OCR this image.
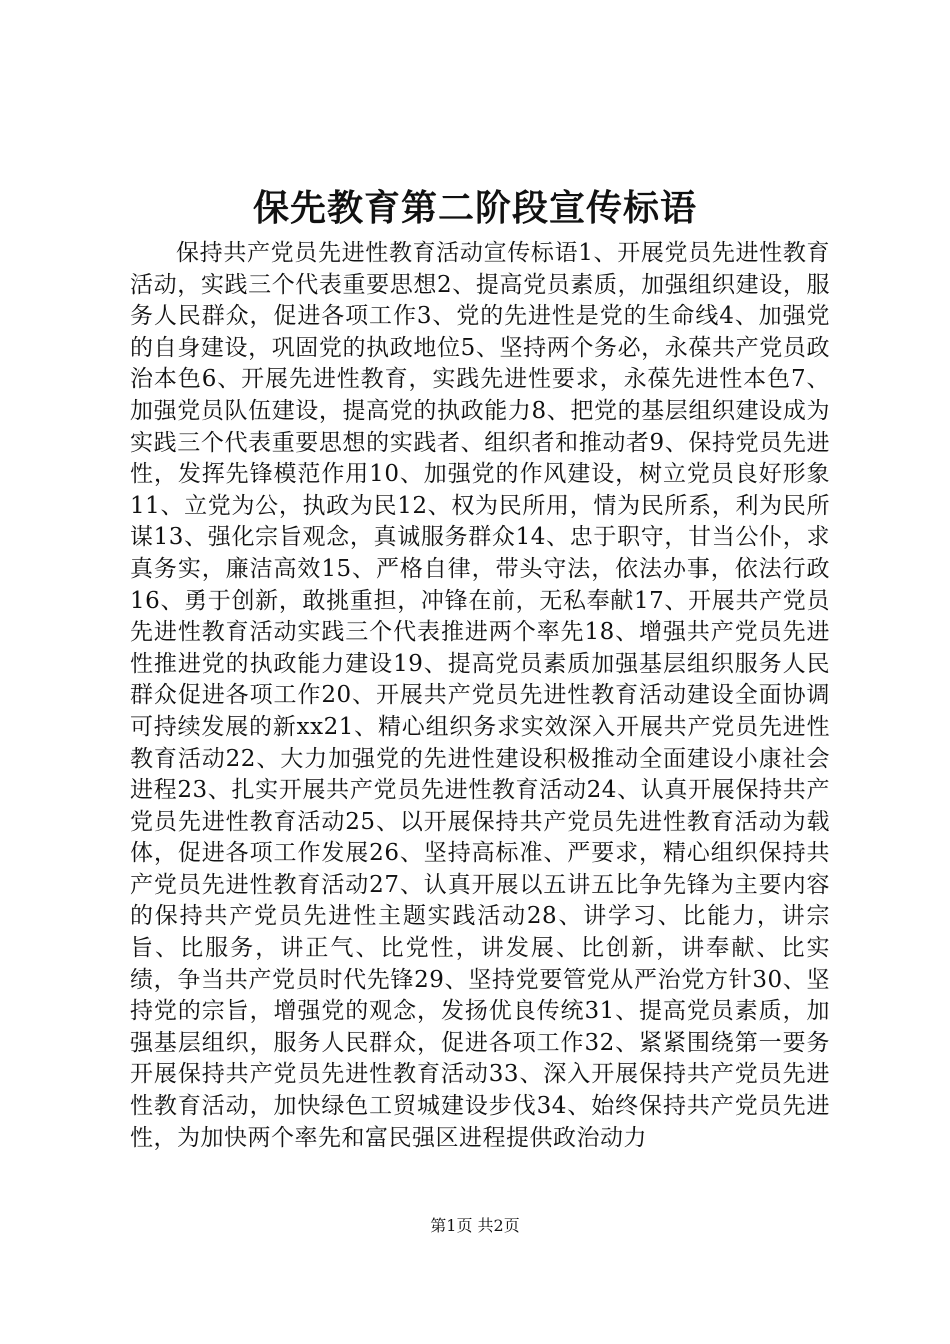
保先教育第二阶段宣传标语

保持共产党员先进性教育活动宣传标语1、开展党员先进性教育活动，实践三个代表重要思想2、提高党员素质，加强组织建设，服务人民群众，促进各项工作3、党的先进性是党的生命线4、加强党的自身建设，巩固党的执政地位5、坚持两个务必，永葆共产党员政治本色6、开展先进性教育，实践先进性要求，永葆先进性本色7、加强党员队伍建设，提高党的执政能力8、把党的基层组织建设成为实践三个代表重要思想的实践者、组织者和推动者9、保持党员先进性，发挥先锋模范作用10、加强党的作风建设，树立党员良好形象11、立党为公，执政为民12、权为民所用，情为民所系，利为民所谋13、强化宗旨观念，真诚服务群众14、忠于职守，甘当公仆，求真务实，廉洁高效15、严格自律，带头守法，依法办事，依法行政16、勇于创新，敢挑重担，冲锋在前，无私奉献17、开展共产党员先进性教育活动实践三个代表推进两个率先18、增强共产党员先进性推进党的执政能力建设19、提高党员素质加强基层组织服务人民群众促进各项工作20、开展共产党员先进性教育活动建设全面协调可持续发展的新xx21、精心组织务求实效深入开展共产党员先进性教育活动22、大力加强党的先进性建设积极推动全面建设小康社会进程23、扎实开展共产党员先进性教育活动24、认真开展保持共产党员先进性教育活动25、以开展保持共产党员先进性教育活动为载体，促进各项工作发展26、坚持高标准、严要求，精心组织保持共产党员先进性教育活动27、认真开展以五讲五比争先锋为主要内容的保持共产党员先进性主题实践活动28、讲学习、比能力，讲宗旨、比服务，讲正气、比党性，讲发展、比创新，讲奉献、比实绩，争当共产党员时代先锋29、坚持党要管党从严治党方针30、坚持党的宗旨，增强党的观念，发扬优良传统31、提高党员素质，加强基层组织，服务人民群众，促进各项工作32、紧紧围绕第一要务开展保持共产党员先进性教育活动33、深入开展保持共产党员先进性教育活动，加快绿色工贸城建设步伐34、始终保持共产党员先进性，为加快两个率先和富民强区进程提供政治动力

第1页 共2页
